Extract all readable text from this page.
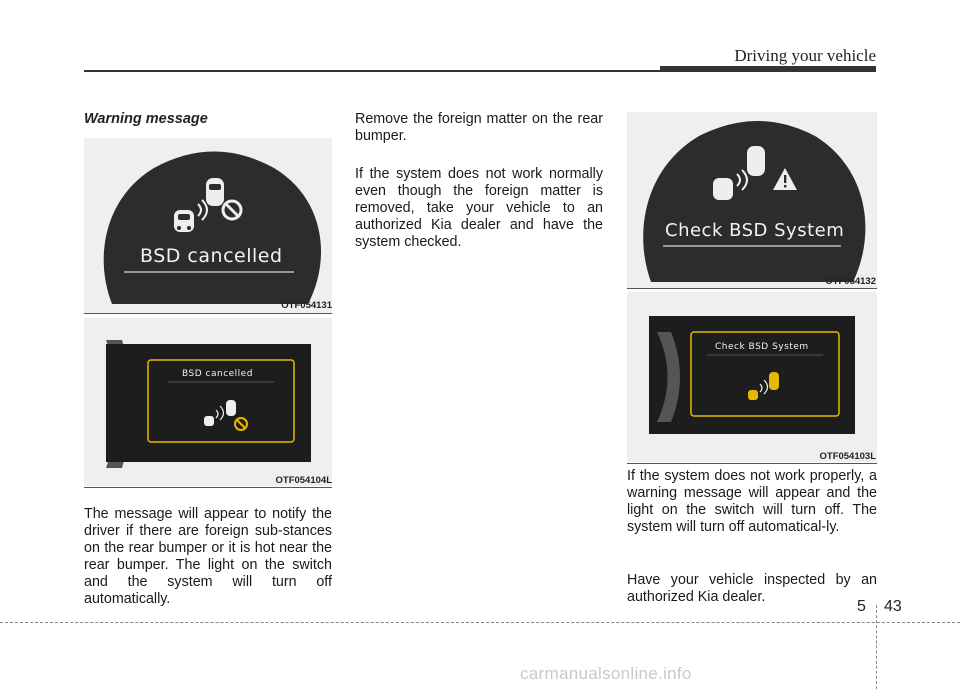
Driving your vehicle
Warning message
BSD cancelled
OTF054131
BSD cancelled
OTF054104L

The message will appear to notify the driver if there are foreign sub-stances on the rear bumper or it is hot near the rear bumper. The light on the switch and the system will turn off automatically.

Remove the foreign matter on the rear bumper.

If the system does not work normally even though the foreign matter is removed, take your vehicle to an authorized Kia dealer and have the system checked.

Check BSD System
OTF054132
Check BSD System
OTF054103L

If the system does not work properly, a warning message will appear and the light on the switch will turn off. The system will turn off automatical-ly.

Have your vehicle inspected by an authorized Kia dealer.

5 43
carmanualsonline.info
